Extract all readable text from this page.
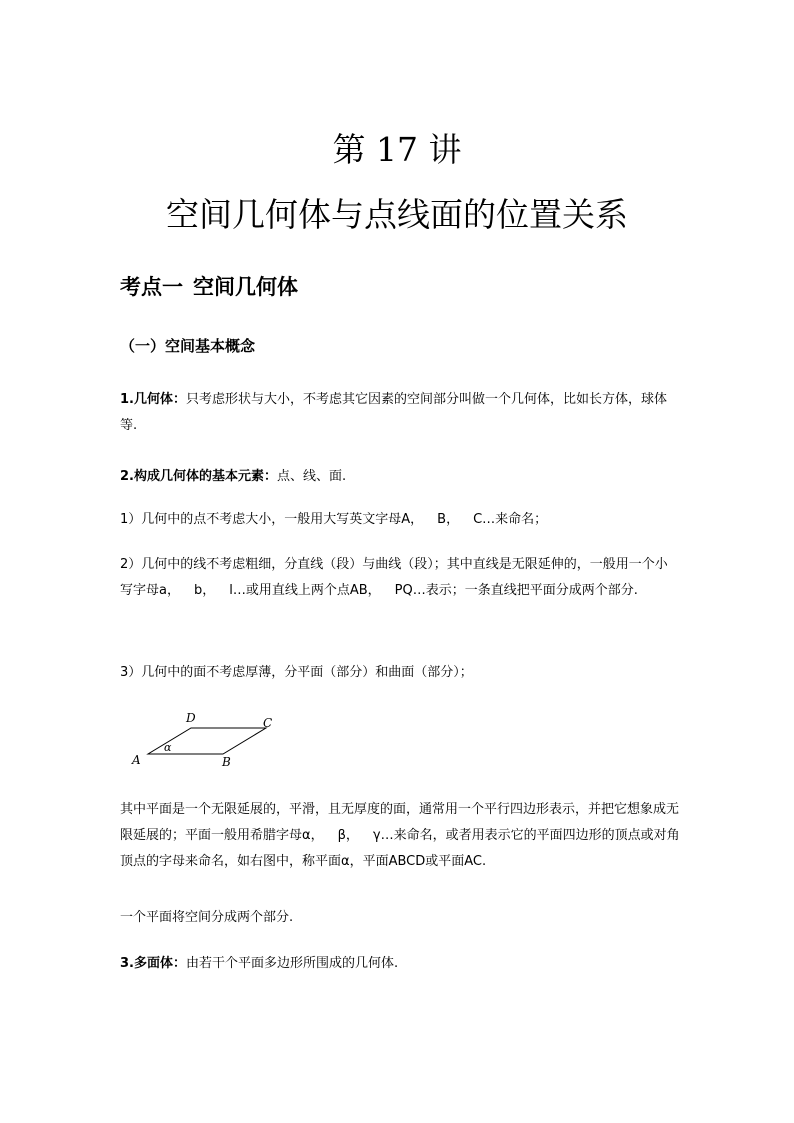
第 17 讲
空间几何体与点线面的位置关系
考点一 空间几何体
（一）空间基本概念
1.几何体：只考虑形状与大小，不考虑其它因素的空间部分叫做一个几何体，比如长方体，球体等.
2.构成几何体的基本元素：点、线、面.
1）几何中的点不考虑大小，一般用大写英文字母A， B， C…来命名；
2）几何中的线不考虑粗细，分直线（段）与曲线（段）；其中直线是无限延伸的，一般用一个小写字母a， b， l…或用直线上两个点AB， PQ…表示；一条直线把平面分成两个部分.
3）几何中的面不考虑厚薄，分平面（部分）和曲面（部分）；
A	B
C
D
α
其中平面是一个无限延展的，平滑，且无厚度的面，通常用一个平行四边形表示，并把它想象成无限延展的；平面一般用希腊字母α， β， γ…来命名，或者用表示它的平面四边形的顶点或对角顶点的字母来命名，如右图中，称平面α，平面ABCD或平面AC.
一个平面将空间分成两个部分.
3.多面体：由若干个平面多边形所围成的几何体.
